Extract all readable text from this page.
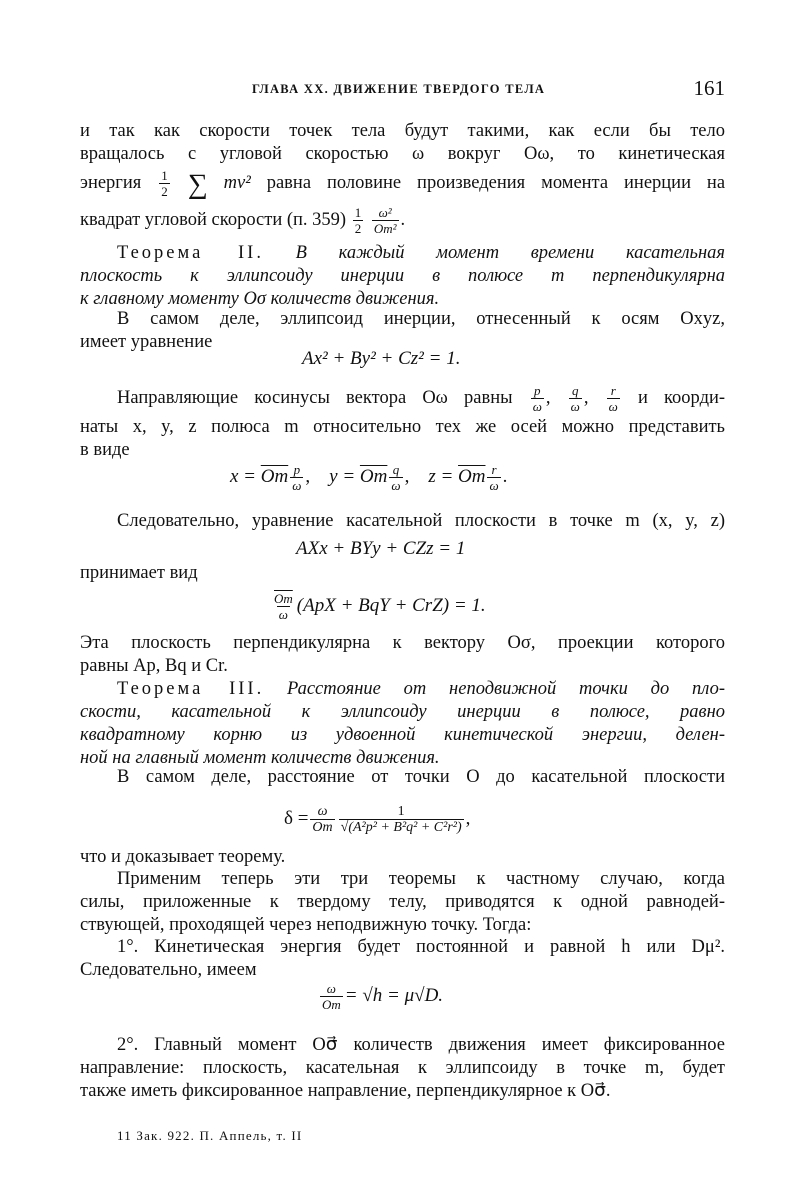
ГЛАВА XX. ДВИЖЕНИЕ ТВЕРДОГО ТЕЛА	161
и так как скорости точек тела будут такими, как если бы тело
вращалось с угловой скоростью ω вокруг Oω, то кинетическая
энергия $\frac{1}{2}$ ∑ mv² равна половине произведения момента инерции на
квадрат угловой скорости (п. $359) \frac{1}{2}$
$\frac{\text{ω²}}{\text{Om²}}$ .
Теорема II. В каждый момент времени касательная
плоскость к эллипсоиду инерции в полюсе m перпендикулярна
к главному моменту Oσ количеств движения.
В самом деле, эллипсоид инерции, отнесенный к осям Oxyz,
имеет уравнение
Ax² + By² + Cz² = 1.
Направляющие косинусы вектора Oω равны $\frac{p}{\omega}$ , $\frac{q}{\omega}$ , $\frac{r}{\omega}$ и коорди-
наты x, y, z полюса m относительно тех же осей можно представить
в виде
$x = \overline{Om} \frac{p}{\omega}$ , $y = \overline{Om} \frac{q}{\omega}$ , $z = \overline{Om} \frac{r}{\omega}$ .
Следовательно, уравнение касательной плоскости в точке m (x, y, z)
AXx + BYy + CZz = 1
принимает вид
$\frac{\overline{Om}}{\omega} (ApX$ + BqY + CrZ) = 1.
Эта плоскость перпендикулярна к вектору Oσ, проекции которого
равны Ap, Bq и Cr.
Теорема III. Расстояние от неподвижной точки до пло-
скости, касательной к эллипсоиду инерции в полюсе, равно
квадратному корню из удвоенной кинетической энергии, делен-
ной на главный момент количеств движения.
В самом деле, расстояние от точки O до касательной плоскости
$\delta = \frac{\omega}{Om} \frac{1}{\text{√(A²p² + B²q² + C²r²)}}$ ,
что и доказывает теорему.
Применим теперь эти три теоремы к частному случаю, когда
силы, приложенные к твердому телу, приводятся к одной равнодей-
ствующей, проходящей через неподвижную точку. Тогда:
1°. Кинетическая энергия будет постоянной и равной h или Dμ².
Следовательно, имеем
$\frac{\omega}{Om} = √h = \mu√D$.
2°. Главный момент Oσ⃗ количеств движения имеет фиксированное
направление: плоскость, касательная к эллипсоиду в точке m, будет
также иметь фиксированное направление, перпендикулярное к Oσ⃗.
11 Зак. 922. П. Аппель, т. II
